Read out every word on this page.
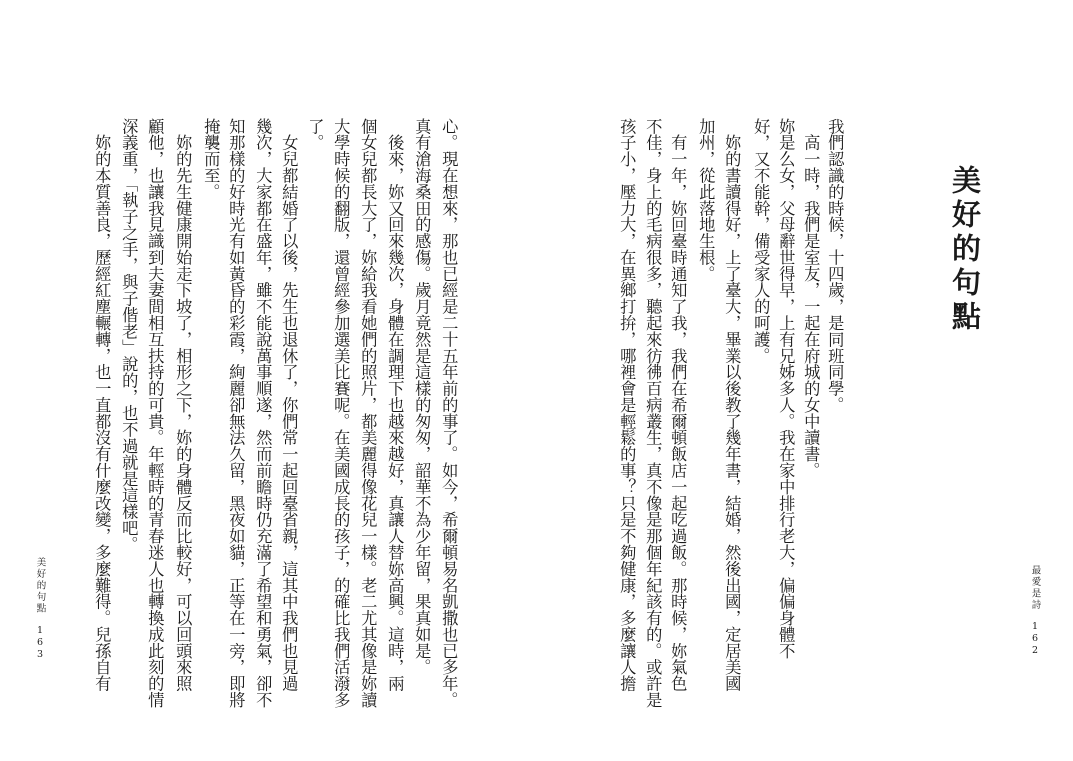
美好的句點
我們認識的時候，十四歲，是同班同學。
　高一時，我們是室友，一起在府城的女中讀書。
妳是么女，父母辭世得早，上有兄姊多人。我在家中排行老大，偏偏身體不
好，又不能幹，備受家人的呵護。
　妳的書讀得好，上了臺大，畢業以後教了幾年書，結婚，然後出國，定居美國
加州，從此落地生根。
　有一年，妳回臺時通知了我，我們在希爾頓飯店一起吃過飯。那時候，妳氣色
不佳，身上的毛病很多，聽起來彷彿百病叢生，真不像是那個年紀該有的。或許是
孩子小，壓力大，在異鄉打拚，哪裡會是輕鬆的事？只是不夠健康，多麼讓人擔
心。現在想來，那也已經是二十五年前的事了。如今，希爾頓易名凱撒也已多年。
真有滄海桑田的感傷。歲月竟然是這樣的匆匆，韶華不為少年留，果真如是。
　後來，妳又回來幾次，身體在調理下也越來越好，真讓人替妳高興。這時，兩
個女兒都長大了，妳給我看她們的照片，都美麗得像花兒一樣。老二尤其像是妳讀
大學時候的翻版，還曾經參加選美比賽呢。在美國成長的孩子，的確比我們活潑多
了。
　女兒都結婚了以後，先生也退休了，你們常一起回臺省親，這其中我們也見過
幾次，大家都在盛年，雖不能說萬事順遂，然而前瞻時仍充滿了希望和勇氣，卻不
知那樣的好時光有如黃昏的彩霞，絢麗卻無法久留，黑夜如貓，正等在一旁，即將
掩襲而至。
　妳的先生健康開始走下坡了，相形之下，妳的身體反而比較好，可以回頭來照
顧他，也讓我見識到夫妻間相互扶持的可貴。年輕時的青春迷人也轉換成此刻的情
深義重，「執子之手，與子偕老」說的，也不過就是這樣吧。
　妳的本質善良，歷經紅塵輾轉，也一直都沒有什麼改變，多麼難得。兒孫自有
美好的句點
163
最愛是詩
162
